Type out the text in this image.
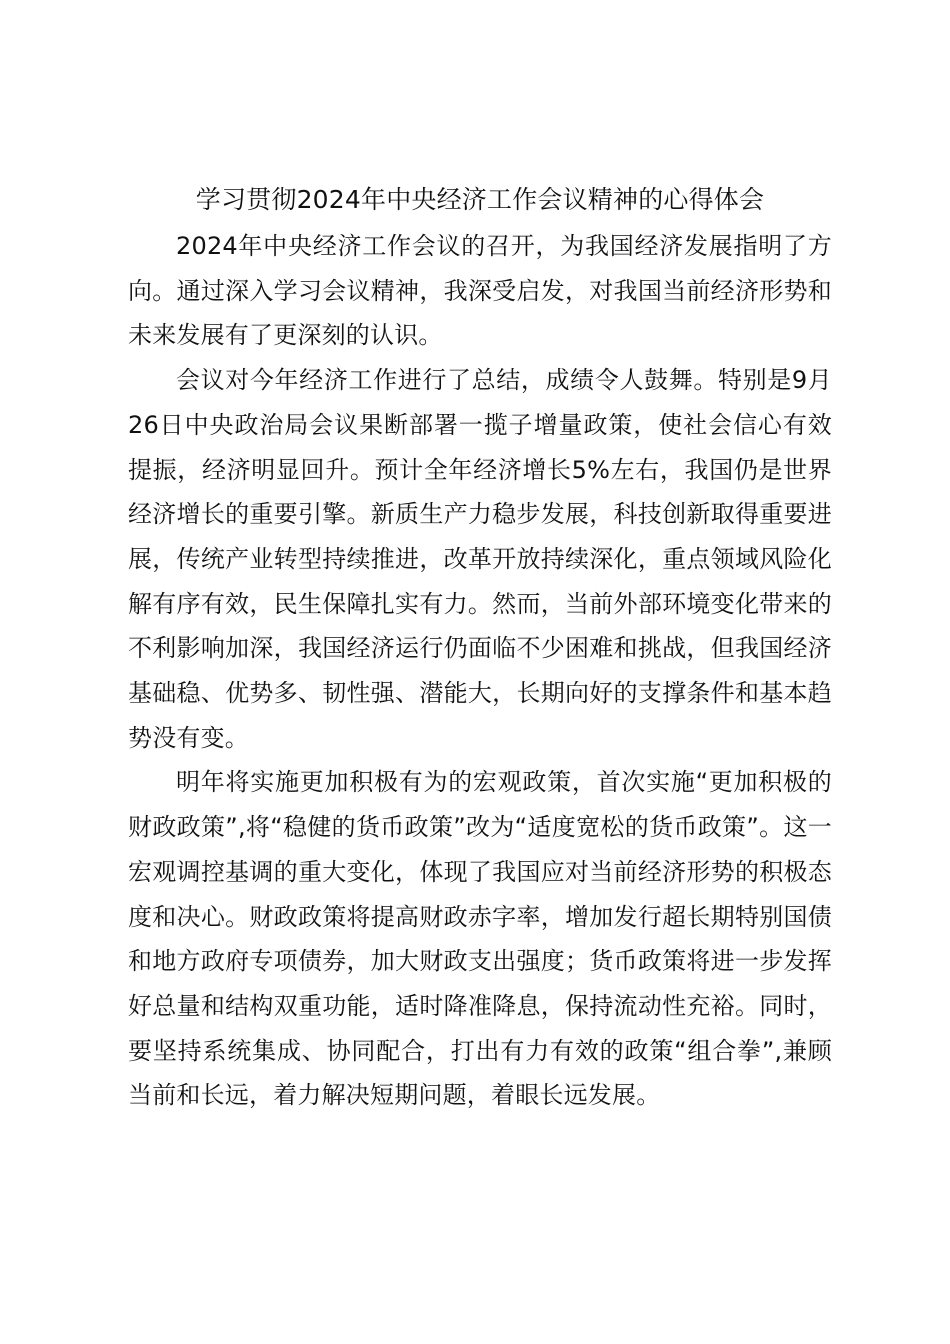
学习贯彻2024年中央经济工作会议精神的心得体会

2024年中央经济工作会议的召开，为我国经济发展指明了方向。通过深入学习会议精神，我深受启发，对我国当前经济形势和未来发展有了更深刻的认识。

会议对今年经济工作进行了总结，成绩令人鼓舞。特别是9月26日中央政治局会议果断部署一揽子增量政策，使社会信心有效提振，经济明显回升。预计全年经济增长5%左右，我国仍是世界经济增长的重要引擎。新质生产力稳步发展，科技创新取得重要进展，传统产业转型持续推进，改革开放持续深化，重点领域风险化解有序有效，民生保障扎实有力。然而，当前外部环境变化带来的不利影响加深，我国经济运行仍面临不少困难和挑战，但我国经济基础稳、优势多、韧性强、潜能大，长期向好的支撑条件和基本趋势没有变。

明年将实施更加积极有为的宏观政策，首次实施“更加积极的财政政策”,将“稳健的货币政策”改为“适度宽松的货币政策”。这一宏观调控基调的重大变化，体现了我国应对当前经济形势的积极态度和决心。财政政策将提高财政赤字率，增加发行超长期特别国债和地方政府专项债券，加大财政支出强度；货币政策将进一步发挥好总量和结构双重功能，适时降准降息，保持流动性充裕。同时，要坚持系统集成、协同配合，打出有力有效的政策“组合拳”,兼顾当前和长远，着力解决短期问题，着眼长远发展。
